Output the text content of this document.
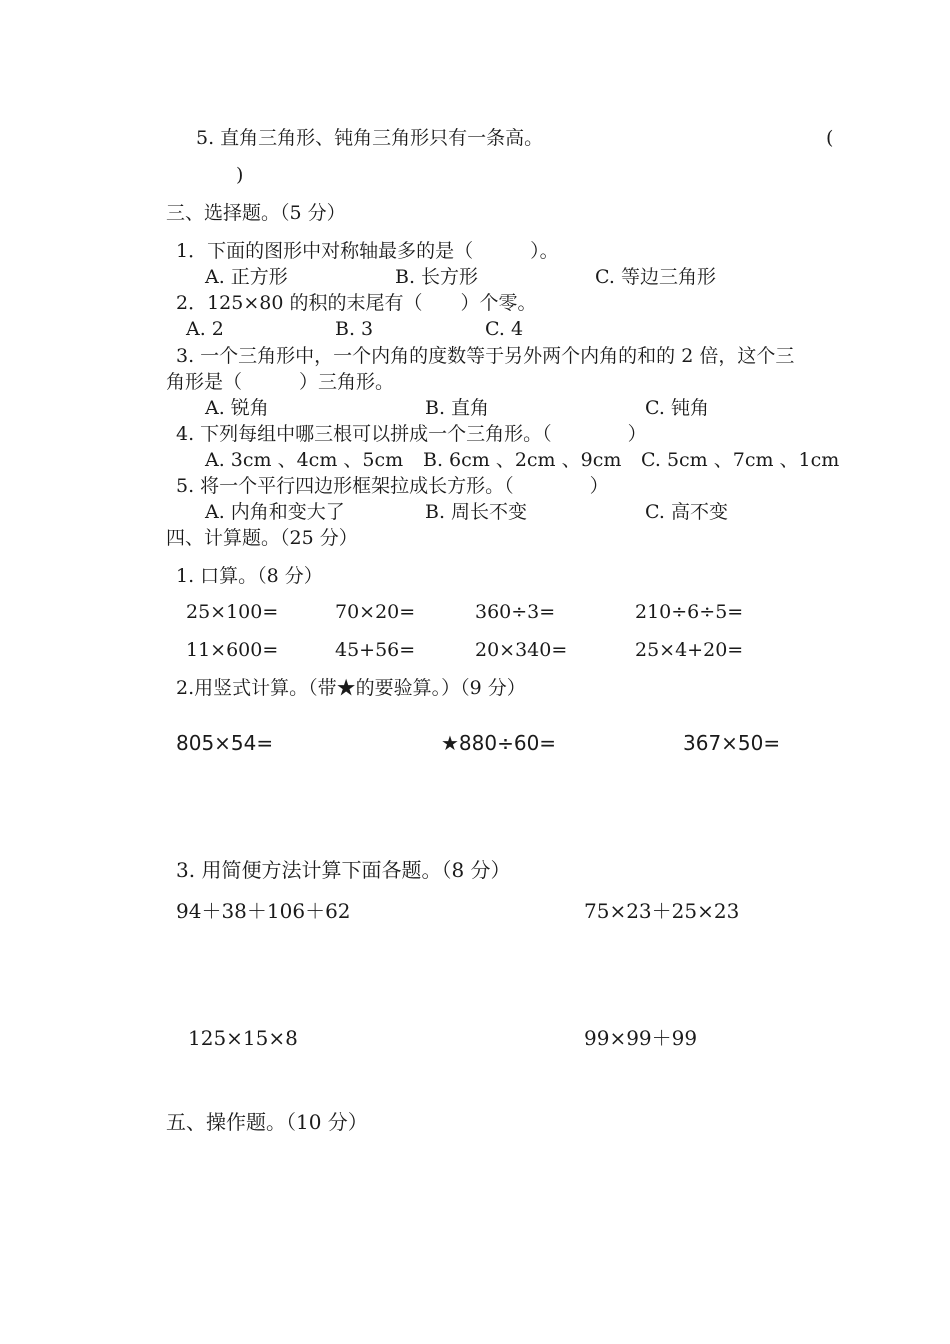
5. 直角三角形、钝角三角形只有一条高。	(
)
三、选择题。（5 分）
1．下面的图形中对称轴最多的是（　　　）。
A. 正方形	B. 长方形	C. 等边三角形
2．125×80 的积的末尾有（　　）个零。
A. 2	B. 3	C. 4
3. 一个三角形中，一个内角的度数等于另外两个内角的和的 2 倍，这个三
角形是（　　　）三角形。
A. 锐角	B. 直角	C. 钝角
4. 下列每组中哪三根可以拼成一个三角形。（　　　　）
A. 3cm 、4cm 、5cm B. 6cm 、2cm 、9cm C. 5cm 、7cm 、1cm
5. 将一个平行四边形框架拉成长方形。（　　　　）
A. 内角和变大了	B. 周长不变	C. 高不变
四、计算题。（25 分）
1. 口算。（8 分）
25×100=	70×20=	360÷3=	210÷6÷5=
11×600=	45+56=	20×340=	25×4+20=
2.用竖式计算。（带★的要验算。）（9 分）
805×54=	★880÷60=	367×50=
3. 用简便方法计算下面各题。（8 分）
94＋38＋106＋62	75×23＋25×23
125×15×8	99×99＋99
五、操作题。（10 分）
